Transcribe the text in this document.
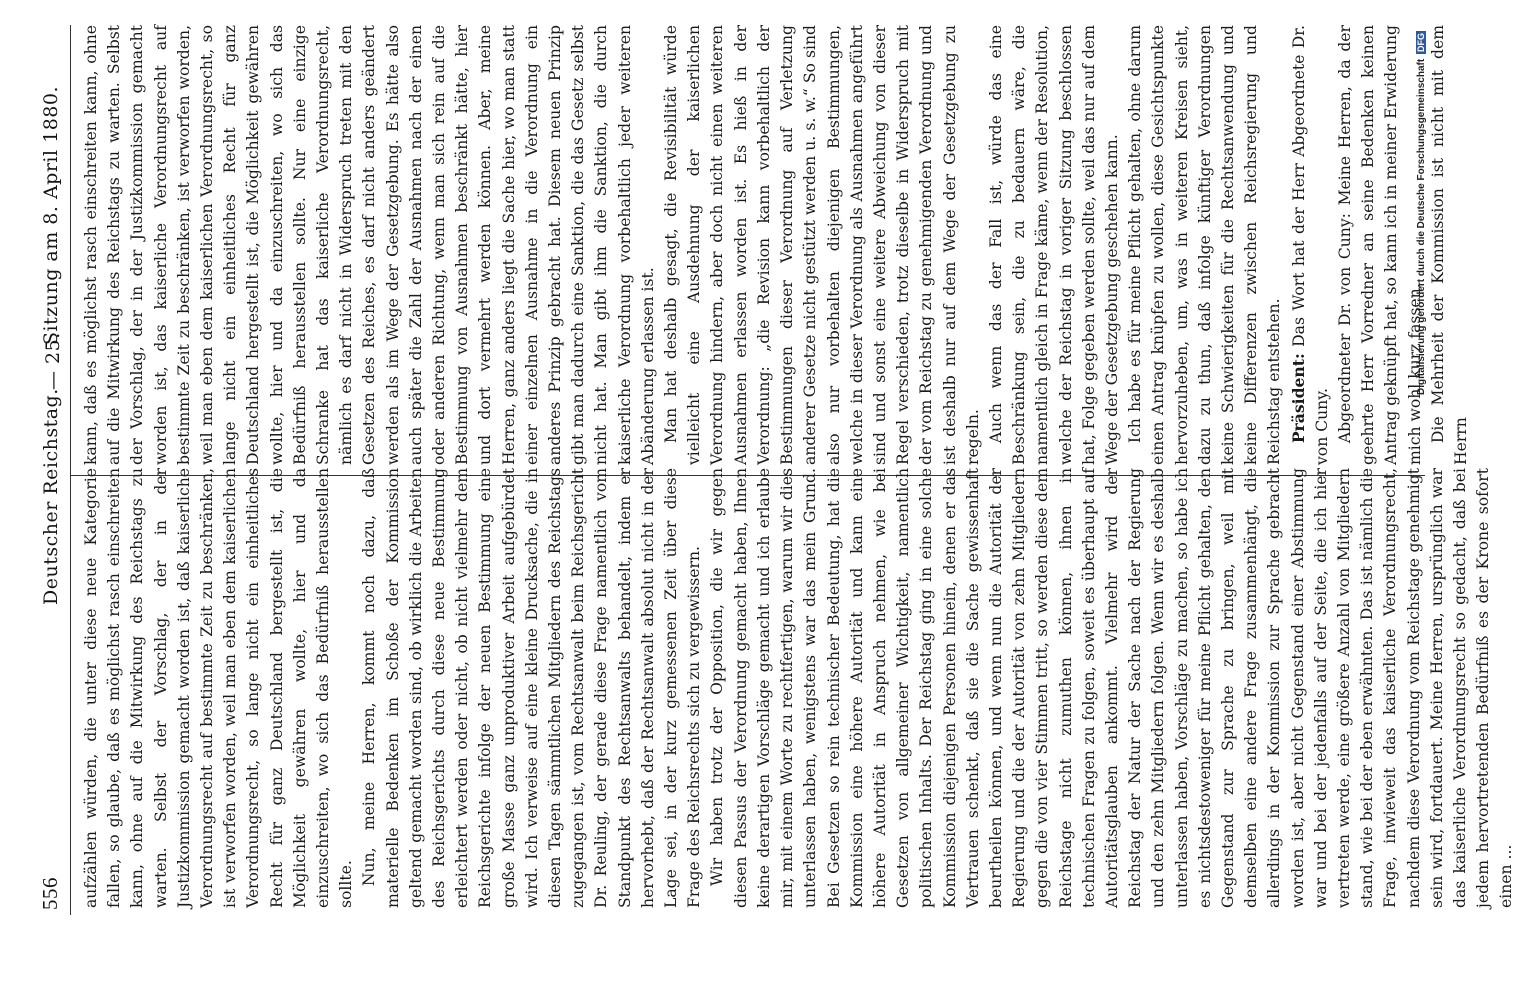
556
Deutscher Reichstag.
— 25.
Sitzung am 8. April 1880.

aufzählen würden, die unter diese neue Kategorie fallen, so glaube, daß es möglichst rasch einschreiten kann, ohne auf die Mitwirkung des Reichstags zu warten. Selbst der Vorschlag, der in der Justizkommission gemacht worden ist, daß kaiserliche Verordnungsrecht auf bestimmte Zeit zu beschränken, ist verworfen worden, weil man eben dem kaiserlichen Verordnungsrecht, so lange nicht ein einheitliches Recht für ganz Deutschland bergestellt ist, die Möglichkeit gewähren wollte, hier und da einzuschreiten, wo sich das Bedürfniß herausstellen sollte. Nun, meine Herren, kommt noch dazu, daß materielle Bedenken im Schoße der Kommission geltend gemacht worden sind, ob wirklich die Arbeiten des Reichsgerichts durch diese neue Bestimmung erleichtert werden oder nicht, ob nicht vielmehr dem Reichsgerichte infolge der neuen Bestimmung eine große Masse ganz unproduktiver Arbeit aufgebürdet wird. Ich verweise auf eine kleine Drucksache, die in diesen Tagen sämmtlichen Mitgliedern des Reichstags zugegangen ist, vom Rechtsanwalt beim Reichsgericht Dr. Reuling, der gerade diese Frage namentlich vom Standpunkt des Rechtsanwalts behandelt, indem er hervorhebt, daß der Rechtsanwalt absolut nicht in der Lage sei, in der kurz gemessenen Zeit über diese Frage des Reichsrechts sich zu vergewissern. Wir haben trotz der Opposition, die wir gegen diesen Passus der Verordnung gemacht haben, Ihnen keine derartigen Vorschläge gemacht und ich erlaube mir, mit einem Worte zu rechtfertigen, warum wir dies unterlassen haben, wenigstens war das mein Grund. Bei Gesetzen so rein technischer Bedeutung, hat die Kommission eine höhere Autorität und kann eine höhere Autorität in Anspruch nehmen, wie bei Gesetzen von allgemeiner Wichtigkeit, namentlich politischen Inhalts. Der Reichstag ging in eine solche Kommission diejenigen Personen hinein, denen er das Vertrauen schenkt, daß sie die Sache gewissenhaft beurtheilen können, und wenn nun die Autorität der Regierung und die der Autorität von zehn Mitgliedern gegen die von vier Stimmen tritt, so werden diese dem Reichstage nicht zumuthen können, ihnen in technischen Fragen zu folgen, soweit es überhaupt auf Autoritätsglauben ankommt. Vielmehr wird der Reichstag der Natur der Sache nach der Regierung und den zehn Mitgliedern folgen. Wenn wir es deshalb unterlassen haben, Vorschläge zu machen, so habe ich es nichtsdestoweniger für meine Pflicht gehalten, den Gegenstand zur Sprache zu bringen, weil mit demselben eine andere Frage zusammenhängt, die allerdings in der Kommission zur Sprache gebracht worden ist, aber nicht Gegenstand einer Abstimmung war und bei der jedenfalls auf der Seite, die ich hier vertreten werde, eine größere Anzahl von Mitgliedern stand, wie bei der eben erwähnten. Das ist nämlich die Frage, inwieweit das kaiserliche Verordnungsrecht, nachdem diese Verordnung vom Reichstage genehmigt sein wird, fortdauert. Meine Herren, ursprünglich war das kaiserliche Verordnungsrecht so gedacht, daß bei jedem hervortretenden Bedürfniß es der Krone sofort einen ...

kann, daß es möglichst rasch einschreiten kann, ohne auf die Mitwirkung des Reichstags zu warten. Selbst der Vorschlag, der in der Justizkommission gemacht worden ist, das kaiserliche Verordnungsrecht auf bestimmte Zeit zu beschränken, ist verworfen worden, weil man eben dem kaiserlichen Verordnungsrecht, so lange nicht ein einheitliches Recht für ganz Deutschland hergestellt ist, die Möglichkeit gewähren wollte, hier und da einzuschreiten, wo sich das Bedürfniß herausstellen sollte. Nur eine einzige Schranke hat das kaiserliche Verordnungsrecht, nämlich es darf nicht in Widerspruch treten mit den Gesetzen des Reiches, es darf nicht anders geändert werden als im Wege der Gesetzgebung. Es hätte also auch später die Zahl der Ausnahmen nach der einen oder anderen Richtung, wenn man sich rein auf die Bestimmung von Ausnahmen beschränkt hätte, hier und dort vermehrt werden können. Aber, meine Herren, ganz anders liegt die Sache hier, wo man statt einer einzelnen Ausnahme in die Verordnung ein anderes Prinzip gebracht hat. Diesem neuen Prinzip gibt man dadurch eine Sanktion, die das Gesetz selbst nicht hat. Man gibt ihm die Sanktion, die durch kaiserliche Verordnung vorbehaltlich jeder weiteren Abänderung erlassen ist. Man hat deshalb gesagt, die Revisibilität würde vielleicht eine Ausdehnung der kaiserlichen Verordnung hindern, aber doch nicht einen weiteren Ausnahmen erlassen worden ist. Es hieß in der Verordnung: „die Revision kann vorbehaltlich der Bestimmungen dieser Verordnung auf Verletzung anderer Gesetze nicht gestützt werden u. s. w.“ So sind also nur vorbehalten diejenigen Bestimmungen, welche in dieser Verordnung als Ausnahmen angeführt sind und sonst eine weitere Abweichung von dieser Regel verschieden, trotz dieselbe in Widerspruch mit der vom Reichstag zu genehmigenden Verordnung und ist deshalb nur auf dem Wege der Gesetzgebung zu regeln. Auch wenn das der Fall ist, würde das eine Beschränkung sein, die zu bedauern wäre, die namentlich gleich in Frage käme, wenn der Resolution, welche der Reichstag in voriger Sitzung beschlossen hat, Folge gegeben werden sollte, weil das nur auf dem Wege der Gesetzgebung geschehen kann. Ich habe es für meine Pflicht gehalten, ohne darum einen Antrag knüpfen zu wollen, diese Gesichtspunkte hervorzuheben, um, was in weiteren Kreisen sieht, dazu zu thun, daß infolge künftiger Verordnungen keine Schwierigkeiten für die Rechtsanwendung und keine Differenzen zwischen Reichsregierung und Reichstag entstehen. Präsident: Das Wort hat der Herr Abgeordnete Dr. von Cuny. Abgeordneter Dr. von Cuny: Meine Herren, da der geehrte Herr Vorredner an seine Bedenken keinen Antrag geknüpft hat, so kann ich in meiner Erwiderung mich wohl kurz fassen. Die Mehrheit der Kommission ist nicht mit dem Herrn

Digitalisierung gefördert durch die Deutsche Forschungsgemeinschaft DFG
